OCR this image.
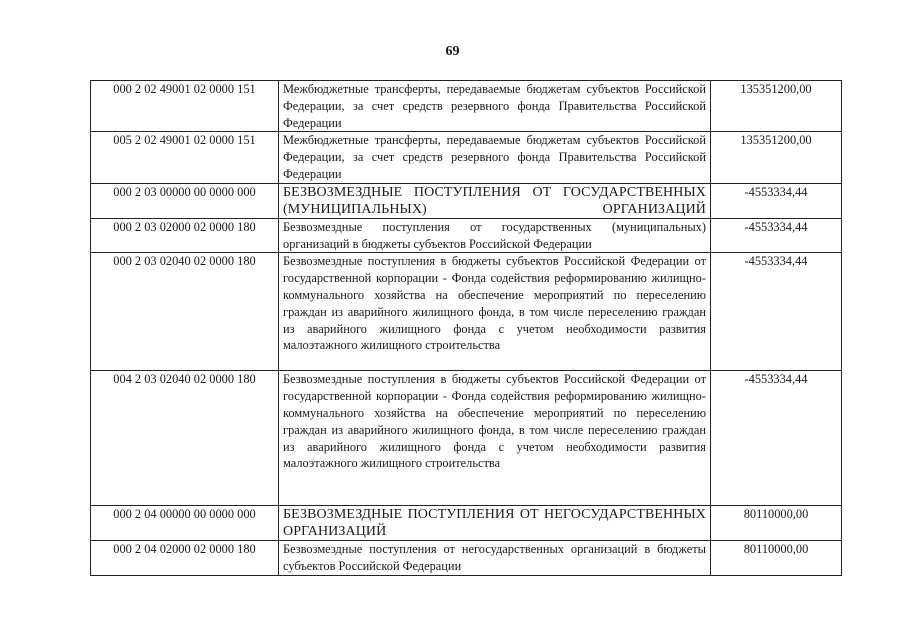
69
000 2 02 49001 02 0000 151	Межбюджетные трансферты, передаваемые бюджетам субъектов Российской Федерации, за счет средств резервного фонда Правительства Российской Федерации	135351200,00
005 2 02 49001 02 0000 151	Межбюджетные трансферты, передаваемые бюджетам субъектов Российской Федерации, за счет средств резервного фонда Правительства Российской Федерации	135351200,00
000 2 03 00000 00 0000 000	БЕЗВОЗМЕЗДНЫЕ ПОСТУПЛЕНИЯ ОТ ГОСУДАРСТВЕННЫХ (МУНИЦИПАЛЬНЫХ) ОРГАНИЗАЦИЙ	-4553334,44
000 2 03 02000 02 0000 180	Безвозмездные поступления от государственных (муниципальных) организаций в бюджеты субъектов Российской Федерации	-4553334,44
000 2 03 02040 02 0000 180	Безвозмездные поступления в бюджеты субъектов Российской Федерации от государственной корпорации - Фонда содействия реформированию жилищно-коммунального хозяйства на обеспечение мероприятий по переселению граждан из аварийного жилищного фонда, в том числе переселению граждан из аварийного жилищного фонда с учетом необходимости развития малоэтажного жилищного строительства	-4553334,44
004 2 03 02040 02 0000 180	Безвозмездные поступления в бюджеты субъектов Российской Федерации от государственной корпорации - Фонда содействия реформированию жилищно-коммунального хозяйства на обеспечение мероприятий по переселению граждан из аварийного жилищного фонда, в том числе переселению граждан из аварийного жилищного фонда с учетом необходимости развития малоэтажного жилищного строительства	-4553334,44
000 2 04 00000 00 0000 000	БЕЗВОЗМЕЗДНЫЕ ПОСТУПЛЕНИЯ ОТ НЕГОСУДАРСТВЕННЫХ ОРГАНИЗАЦИЙ	80110000,00
000 2 04 02000 02 0000 180	Безвозмездные поступления от негосударственных организаций в бюджеты субъектов Российской Федерации	80110000,00
